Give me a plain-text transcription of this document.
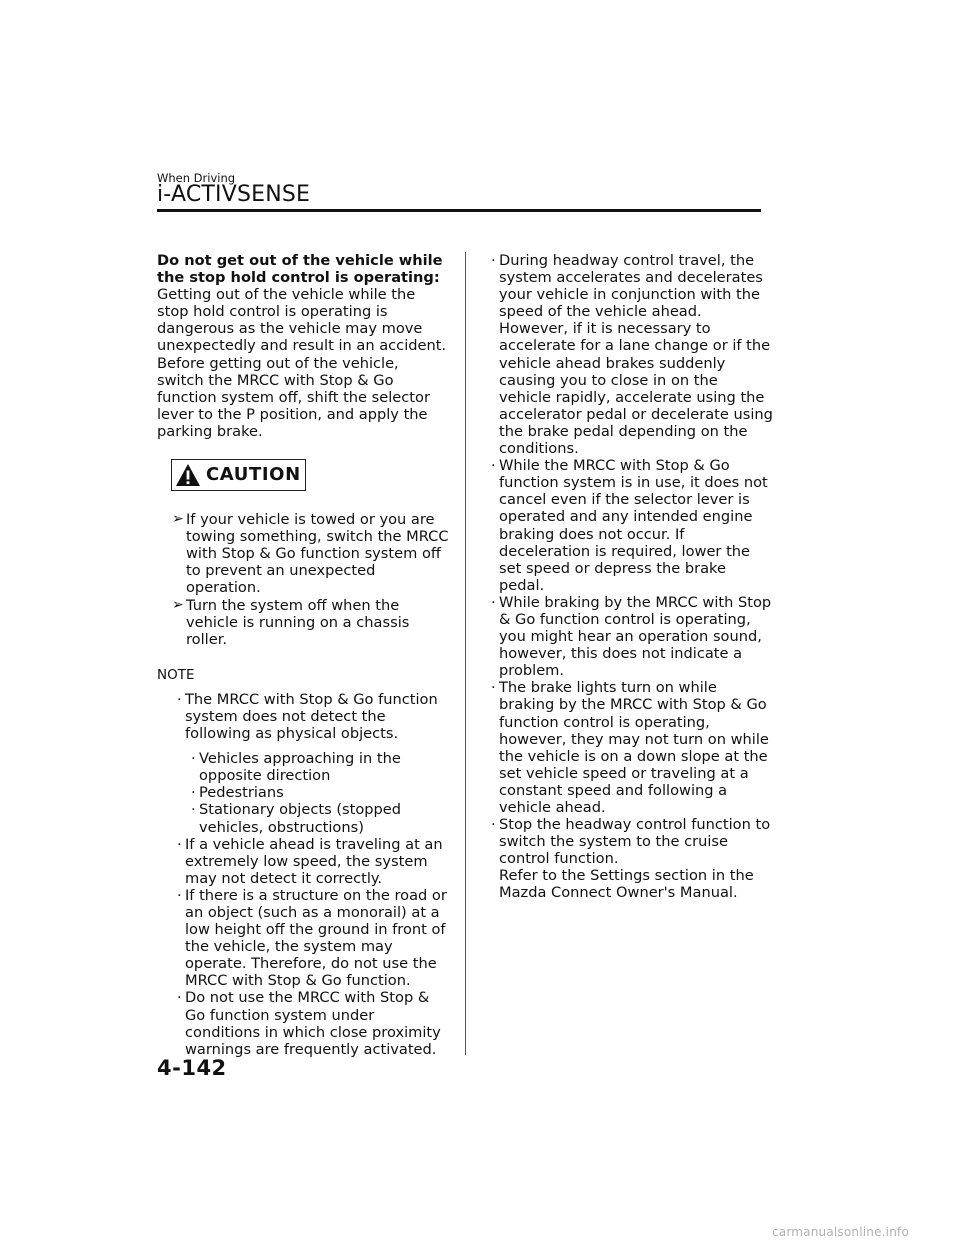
When Driving
i-ACTIVSENSE

Do not get out of the vehicle while the stop hold control is operating:
Getting out of the vehicle while the stop hold control is operating is dangerous as the vehicle may move unexpectedly and result in an accident. Before getting out of the vehicle, switch the MRCC with Stop & Go function system off, shift the selector lever to the P position, and apply the parking brake.

CAUTION
➢ If your vehicle is towed or you are towing something, switch the MRCC with Stop & Go function system off to prevent an unexpected operation.
➢ Turn the system off when the vehicle is running on a chassis roller.
NOTE
· The MRCC with Stop & Go function system does not detect the following as physical objects.
· Vehicles approaching in the opposite direction
· Pedestrians
· Stationary objects (stopped vehicles, obstructions)
· If a vehicle ahead is traveling at an extremely low speed, the system may not detect it correctly.
· If there is a structure on the road or an object (such as a monorail) at a low height off the ground in front of the vehicle, the system may operate. Therefore, do not use the MRCC with Stop & Go function.
· Do not use the MRCC with Stop & Go function system under conditions in which close proximity warnings are frequently activated.
· During headway control travel, the system accelerates and decelerates your vehicle in conjunction with the speed of the vehicle ahead. However, if it is necessary to accelerate for a lane change or if the vehicle ahead brakes suddenly causing you to close in on the vehicle rapidly, accelerate using the accelerator pedal or decelerate using the brake pedal depending on the conditions.
· While the MRCC with Stop & Go function system is in use, it does not cancel even if the selector lever is operated and any intended engine braking does not occur. If deceleration is required, lower the set speed or depress the brake pedal.
· While braking by the MRCC with Stop & Go function control is operating, you might hear an operation sound, however, this does not indicate a problem.
· The brake lights turn on while braking by the MRCC with Stop & Go function control is operating, however, they may not turn on while the vehicle is on a down slope at the set vehicle speed or traveling at a constant speed and following a vehicle ahead.
· Stop the headway control function to switch the system to the cruise control function.
Refer to the Settings section in the Mazda Connect Owner's Manual.
4-142
carmanualsonline.info
